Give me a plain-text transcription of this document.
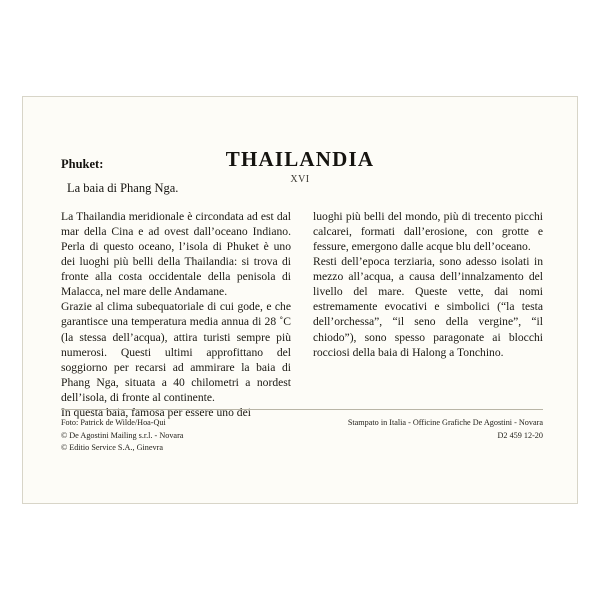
THAILANDIA
XVI
Phuket:
La baia di Phang Nga.

La Thailandia meridionale è circondata ad est dal mar della Cina e ad ovest dall’oceano Indiano. Perla di questo oceano, l’isola di Phuket è uno dei luoghi più belli della Thailandia: si trova di fronte alla costa occidentale della penisola di Malacca, nel mare delle Andamane.

Grazie al clima subequatoriale di cui gode, e che garantisce una temperatura media annua di 28 ˚C (la stessa dell’acqua), attira turisti sempre più numerosi. Questi ultimi approfittano del soggiorno per recarsi ad ammirare la baia di Phang Nga, situata a 40 chilometri a nordest dell’isola, di fronte al continente.

In questa baia, famosa per essere uno dei

luoghi più belli del mondo, più di trecento picchi calcarei, formati dall’erosione, con grotte e fessure, emergono dalle acque blu dell’oceano.

Resti dell’epoca terziaria, sono adesso isolati in mezzo all’acqua, a causa dell’innalzamento del livello del mare. Queste vette, dai nomi estremamente evocativi e simbolici (“la testa dell’orchessa”, “il seno della vergine”, “il chiodo”), sono spesso paragonate ai blocchi rocciosi della baia di Halong a Tonchino.

Foto: Patrick de Wilde/Hoa-Qui
© De Agostini Mailing s.r.l. - Novara
© Editio Service S.A., Ginevra
Stampato in Italia - Officine Grafiche De Agostini - Novara
D2 459 12-20
